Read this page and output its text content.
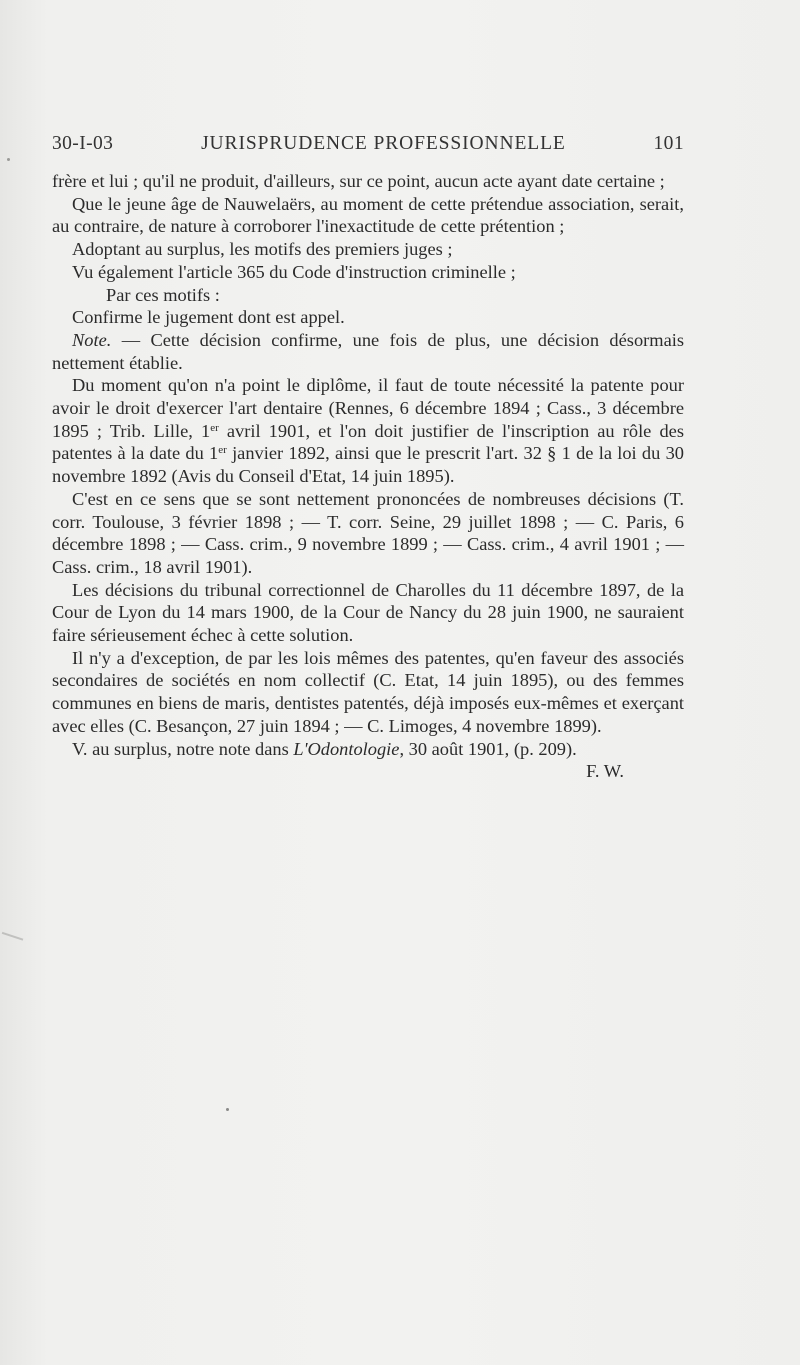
30-I-03	JURISPRUDENCE PROFESSIONNELLE	101

frère et lui ; qu'il ne produit, d'ailleurs, sur ce point, aucun acte ayant date certaine ;

Que le jeune âge de Nauwelaërs, au moment de cette prétendue association, serait, au contraire, de nature à corroborer l'inexactitude de cette prétention ;

Adoptant au surplus, les motifs des premiers juges ;

Vu également l'article 365 du Code d'instruction criminelle ;

Par ces motifs :

Confirme le jugement dont est appel.

Note. — Cette décision confirme, une fois de plus, une décision désormais nettement établie.

Du moment qu'on n'a point le diplôme, il faut de toute nécessité la patente pour avoir le droit d'exercer l'art dentaire (Rennes, 6 décembre 1894 ; Cass., 3 décembre 1895 ; Trib. Lille, 1er avril 1901, et l'on doit justifier de l'inscription au rôle des patentes à la date du 1er janvier 1892, ainsi que le prescrit l'art. 32 § 1 de la loi du 30 novembre 1892 (Avis du Conseil d'Etat, 14 juin 1895).

C'est en ce sens que se sont nettement prononcées de nombreuses décisions (T. corr. Toulouse, 3 février 1898 ; — T. corr. Seine, 29 juillet 1898 ; — C. Paris, 6 décembre 1898 ; — Cass. crim., 9 novembre 1899 ; — Cass. crim., 4 avril 1901 ; — Cass. crim., 18 avril 1901).

Les décisions du tribunal correctionnel de Charolles du 11 décembre 1897, de la Cour de Lyon du 14 mars 1900, de la Cour de Nancy du 28 juin 1900, ne sauraient faire sérieusement échec à cette solution.

Il n'y a d'exception, de par les lois mêmes des patentes, qu'en faveur des associés secondaires de sociétés en nom collectif (C. Etat, 14 juin 1895), ou des femmes communes en biens de maris, dentistes patentés, déjà imposés eux-mêmes et exerçant avec elles (C. Besançon, 27 juin 1894 ; — C. Limoges, 4 novembre 1899).

V. au surplus, notre note dans L'Odontologie, 30 août 1901, (p. 209).

F. W.
